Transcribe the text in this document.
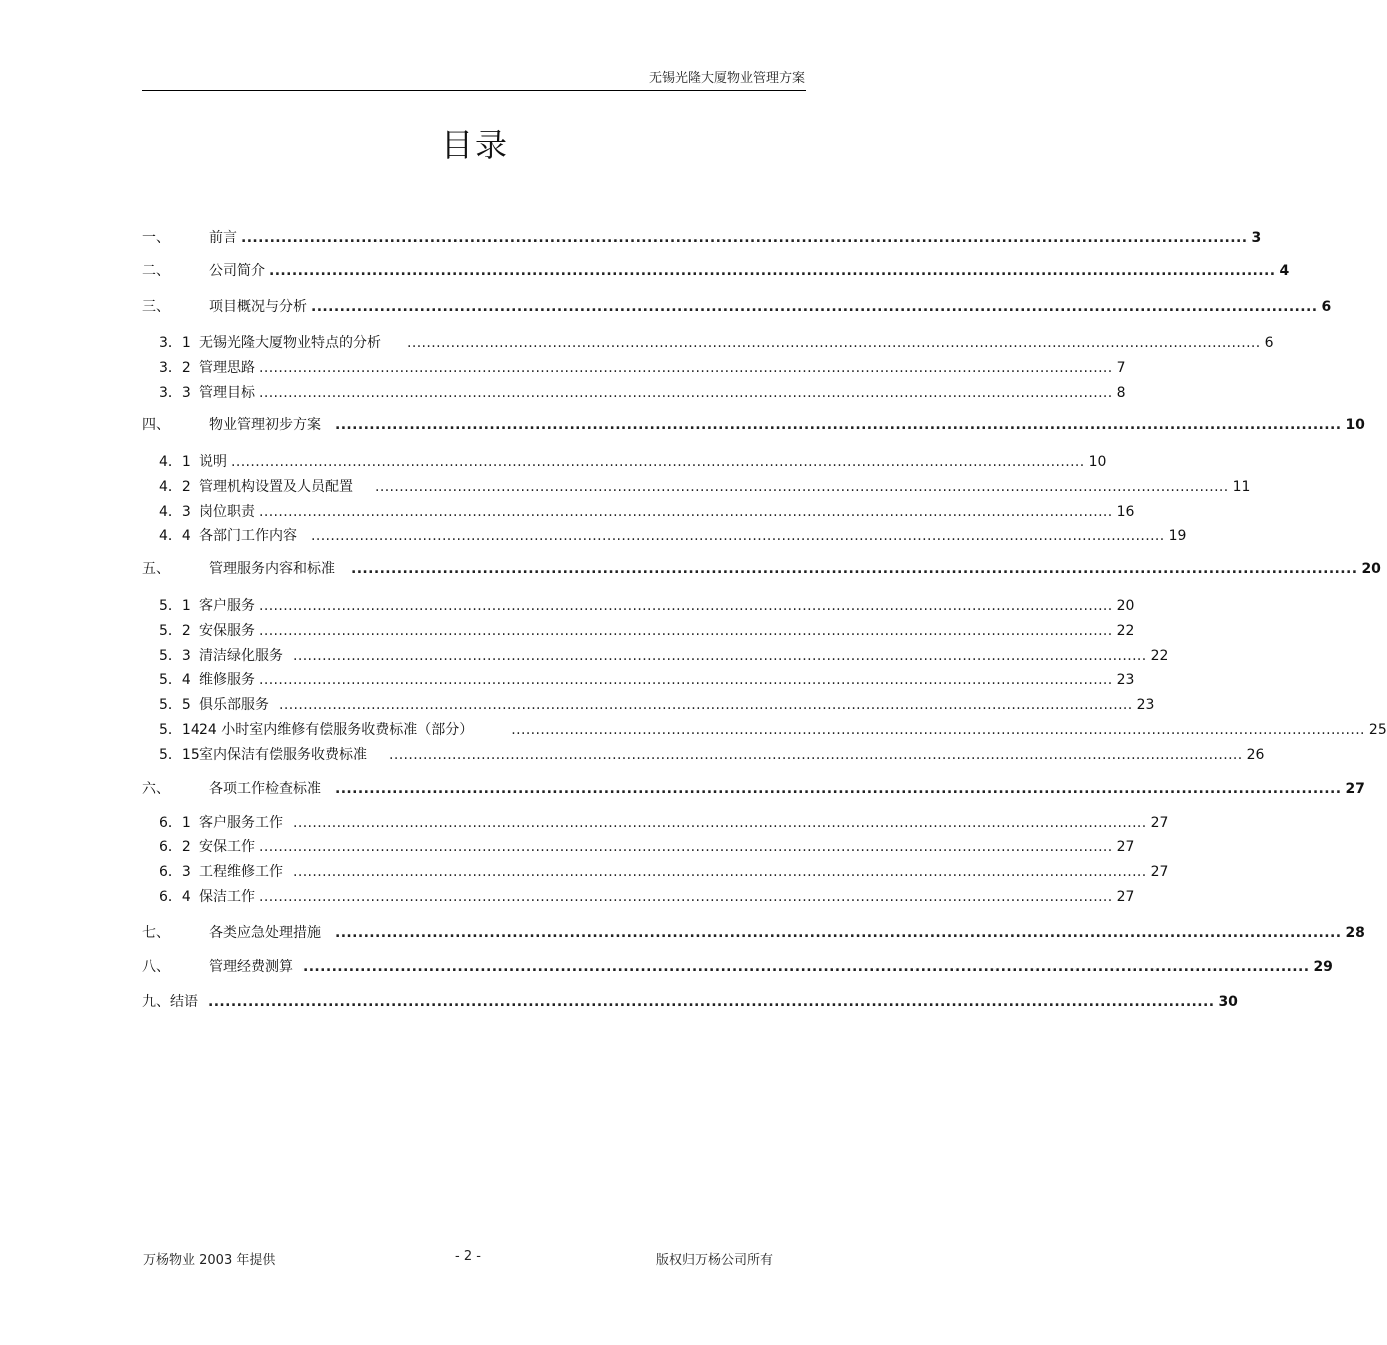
无锡光隆大厦物业管理方案
目录
一、	前言 ................................................................................................................................................................................ 3
二、	公司简介 ................................................................................................................................................................................ 4
三、	项目概况与分析 ................................................................................................................................................................................ 6
3．1 无锡光隆大厦物业特点的分析 ................................................................................................................................................................................ 6
3．2 管理思路 ................................................................................................................................................................................ 7
3．3 管理目标 ................................................................................................................................................................................ 8
四、	物业管理初步方案 ................................................................................................................................................................................ 10
4．1 说明 ................................................................................................................................................................................ 10
4．2 管理机构设置及人员配置 ................................................................................................................................................................................ 11
4．3 岗位职责 ................................................................................................................................................................................ 16
4．4 各部门工作内容 ................................................................................................................................................................................ 19
五、	管理服务内容和标准 ................................................................................................................................................................................ 20
5．1 客户服务 ................................................................................................................................................................................ 20
5．2 安保服务 ................................................................................................................................................................................ 22
5．3 清洁绿化服务 ................................................................................................................................................................................ 22
5．4 维修服务 ................................................................................................................................................................................ 23
5．5 俱乐部服务 ................................................................................................................................................................................ 23
5．1424 小时室内维修有偿服务收费标准（部分）	................................................................................................................................................................................ 25
5．15室内保洁有偿服务收费标准 ................................................................................................................................................................................ 26
六、	各项工作检查标准 ................................................................................................................................................................................ 27
6．1 客户服务工作 ................................................................................................................................................................................ 27
6．2 安保工作 ................................................................................................................................................................................ 27
6．3 工程维修工作 ................................................................................................................................................................................ 27
6．4 保洁工作 ................................................................................................................................................................................ 27
七、	各类应急处理措施 ................................................................................................................................................................................ 28
八、	管理经费测算 ................................................................................................................................................................................ 29
九、结语 ................................................................................................................................................................................ 30
万杨物业 2003 年提供	- 2 -	版权归万杨公司所有
